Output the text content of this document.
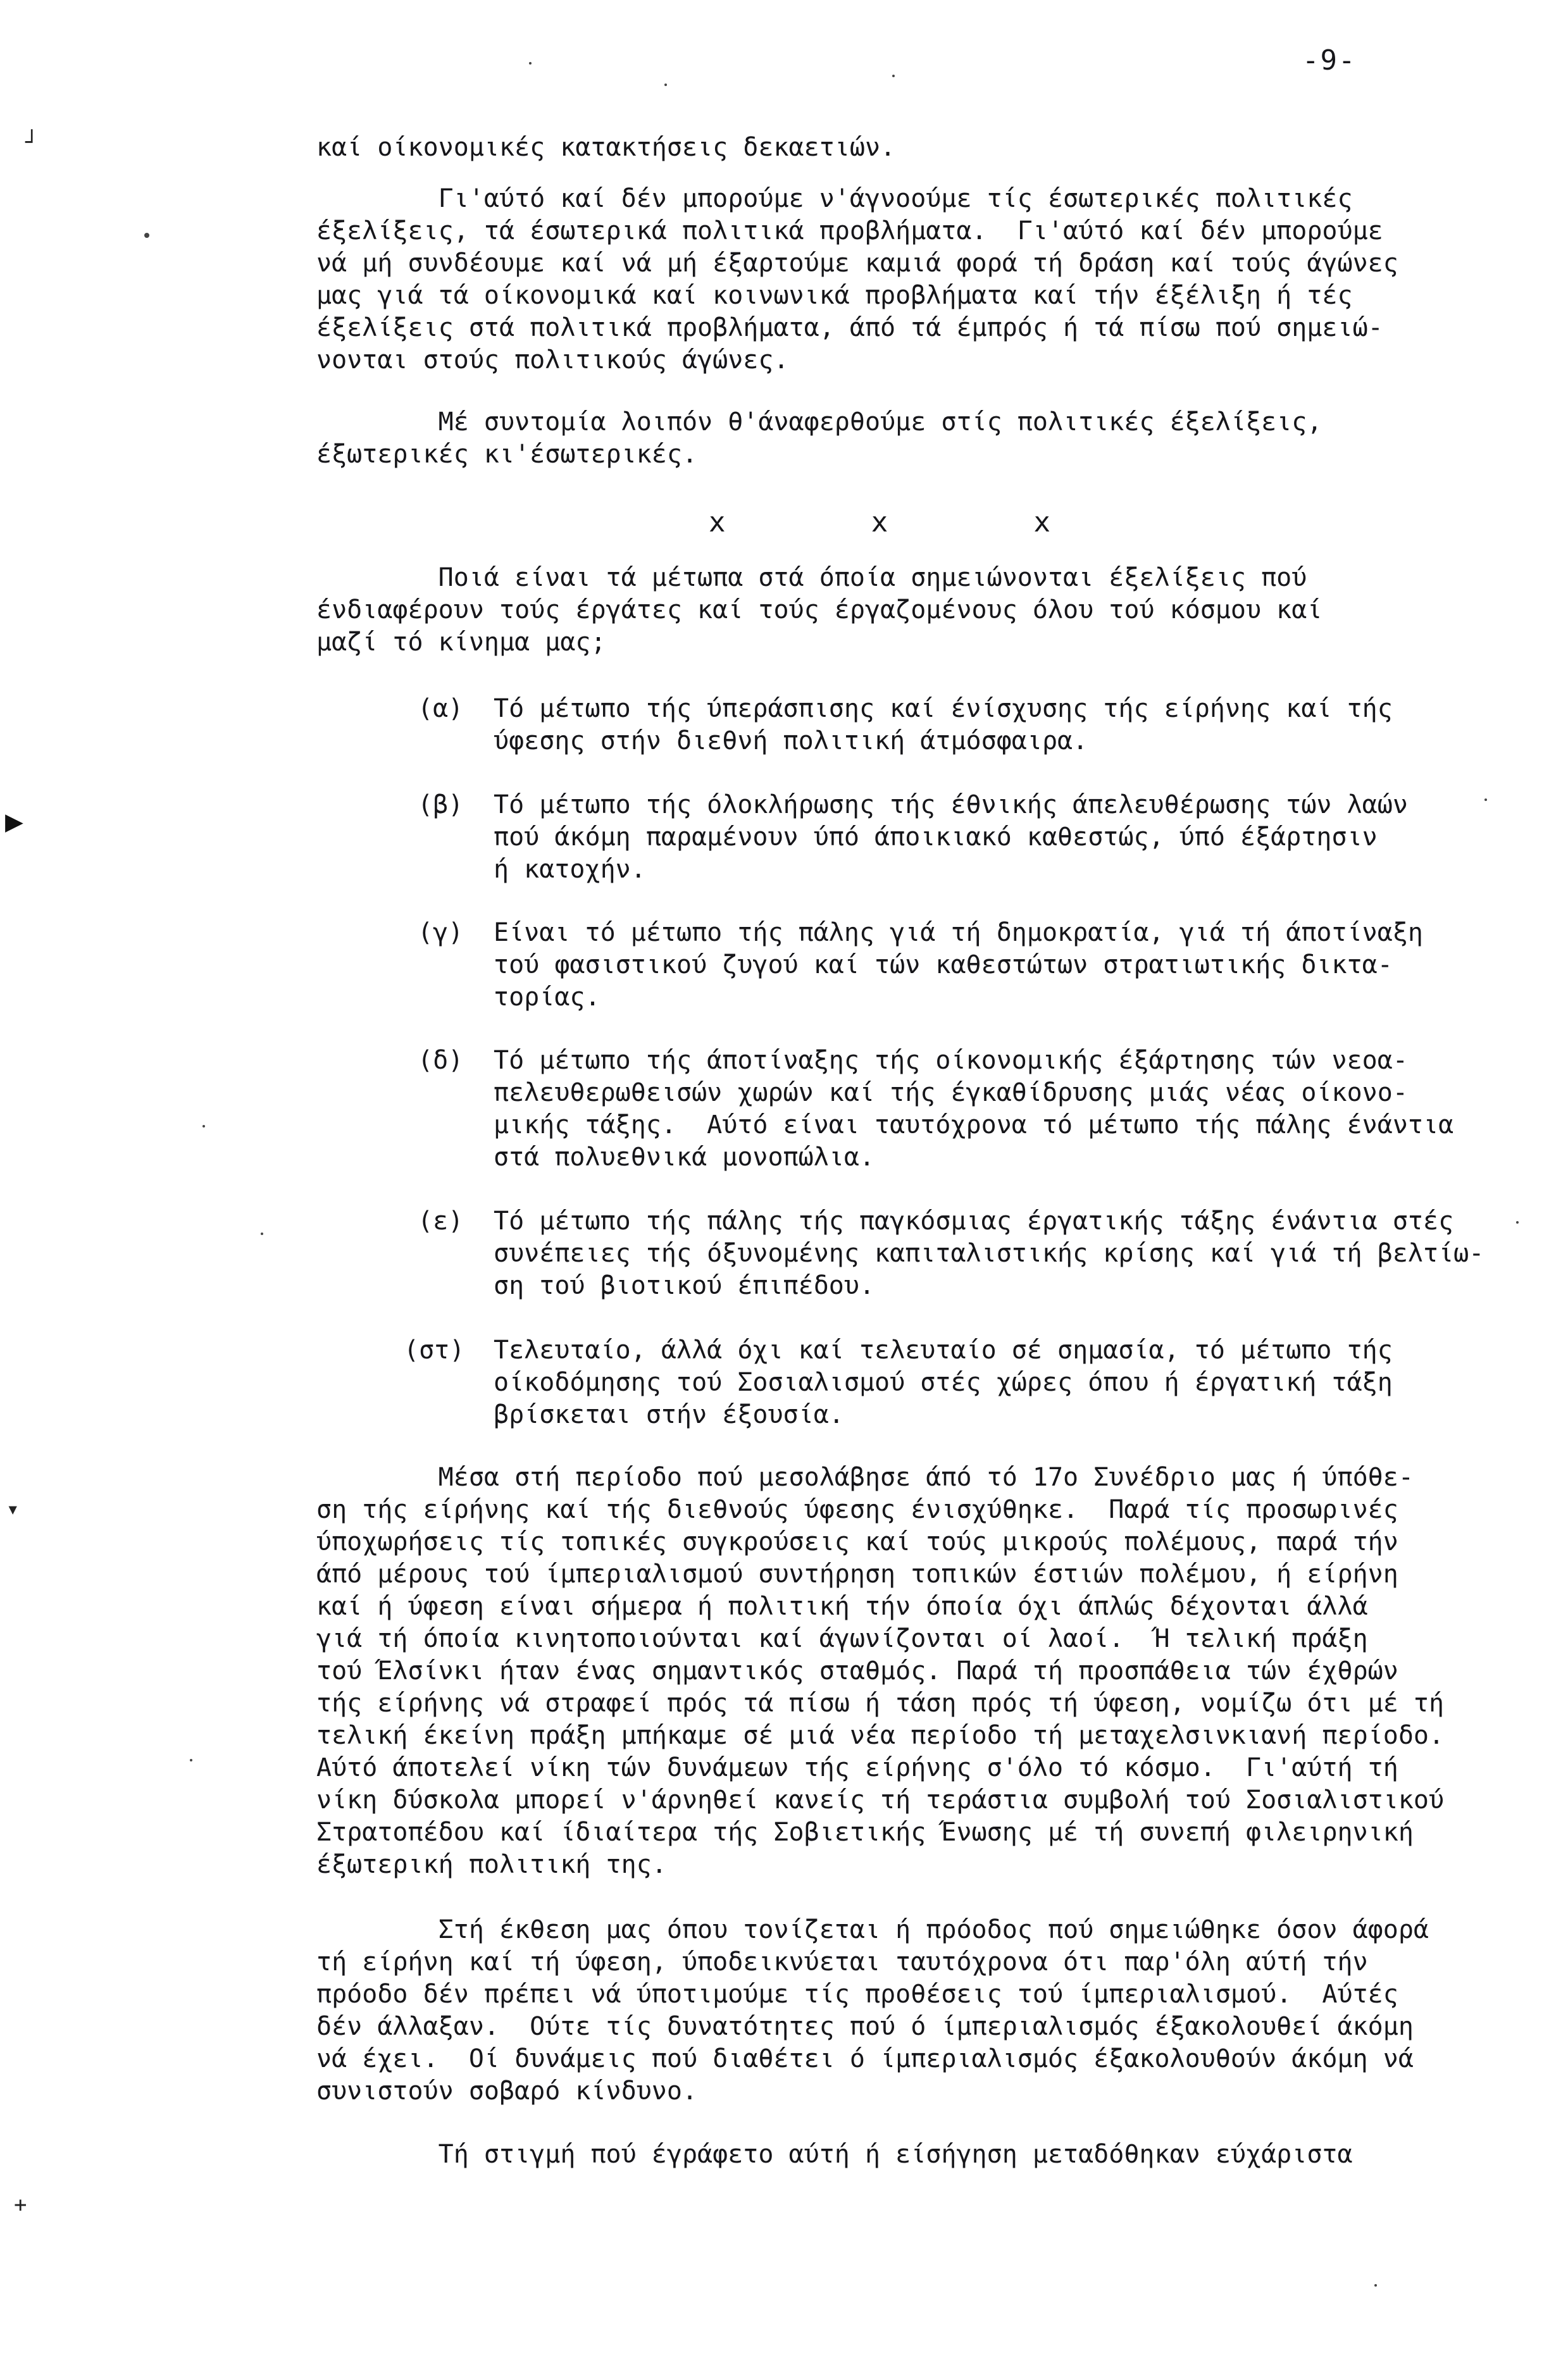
-9-

καί οίκονομικές κατακτήσεις δεκαετιών.

Γι'αύτό καί δέν μπορούμε ν'άγνοούμε τίς έσωτερικές πολιτικές
έξελίξεις, τά έσωτερικά πολιτικά προβλήματα.  Γι'αύτό καί δέν μπορούμε
νά μή συνδέουμε καί νά μή έξαρτούμε καμιά φορά τή δράση καί τούς άγώνες
μας γιά τά οίκονομικά καί κοινωνικά προβλήματα καί τήν έξέλιξη ή τές
έξελίξεις στά πολιτικά προβλήματα, άπό τά έμπρός ή τά πίσω πού σημειώ-
νονται στούς πολιτικούς άγώνες.

Μέ συντομία λοιπόν θ'άναφερθούμε στίς πολιτικές έξελίξεις,
έξωτερικές κι'έσωτερικές.

x	x	x

Ποιά είναι τά μέτωπα στά όποία σημειώνονται έξελίξεις πού
ένδιαφέρουν τούς έργάτες καί τούς έργαζομένους όλου τού κόσμου καί
μαζί τό κίνημα μας;

(α) Τό μέτωπο τής ύπεράσπισης καί ένίσχυσης τής είρήνης καί τής
ύφεσης στήν διεθνή πολιτική άτμόσφαιρα.

(β) Τό μέτωπο τής όλοκλήρωσης τής έθνικής άπελευθέρωσης τών λαών
πού άκόμη παραμένουν ύπό άποικιακό καθεστώς, ύπό έξάρτησιν
ή κατοχήν.

(γ) Είναι τό μέτωπο τής πάλης γιά τή δημοκρατία, γιά τή άποτίναξη
τού φασιστικού ζυγού καί τών καθεστώτων στρατιωτικής δικτα-
τορίας.

(δ) Τό μέτωπο τής άποτίναξης τής οίκονομικής έξάρτησης τών νεοα-
πελευθερωθεισών χωρών καί τής έγκαθίδρυσης μιάς νέας οίκονο-
μικής τάξης.  Αύτό είναι ταυτόχρονα τό μέτωπο τής πάλης ένάντια
στά πολυεθνικά μονοπώλια.

(ε) Τό μέτωπο τής πάλης τής παγκόσμιας έργατικής τάξης ένάντια στές
συνέπειες τής όξυνομένης καπιταλιστικής κρίσης καί γιά τή βελτίω-
ση τού βιοτικού έπιπέδου.

(στ) Τελευταίο, άλλά όχι καί τελευταίο σέ σημασία, τό μέτωπο τής
οίκοδόμησης τού Σοσιαλισμού στές χώρες όπου ή έργατική τάξη
βρίσκεται στήν έξουσία.

Μέσα στή περίοδο πού μεσολάβησε άπό τό 17ο Συνέδριο μας ή ύπόθε-
ση τής είρήνης καί τής διεθνούς ύφεσης ένισχύθηκε.  Παρά τίς προσωρινές
ύποχωρήσεις τίς τοπικές συγκρούσεις καί τούς μικρούς πολέμους, παρά τήν
άπό μέρους τού ίμπεριαλισμού συντήρηση τοπικών έστιών πολέμου, ή είρήνη
καί ή ύφεση είναι σήμερα ή πολιτική τήν όποία όχι άπλώς δέχονται άλλά
γιά τή όποία κινητοποιούνται καί άγωνίζονται οί λαοί.  Ή τελική πράξη
τού Έλσίνκι ήταν ένας σημαντικός σταθμός. Παρά τή προσπάθεια τών έχθρών
τής είρήνης νά στραφεί πρός τά πίσω ή τάση πρός τή ύφεση, νομίζω ότι μέ τή
τελική έκείνη πράξη μπήκαμε σέ μιά νέα περίοδο τή μεταχελσινκιανή περίοδο.
Αύτό άποτελεί νίκη τών δυνάμεων τής είρήνης σ'όλο τό κόσμο.  Γι'αύτή τή
νίκη δύσκολα μπορεί ν'άρνηθεί κανείς τή τεράστια συμβολή τού Σοσιαλιστικού
Στρατοπέδου καί ίδιαίτερα τής Σοβιετικής Ένωσης μέ τή συνεπή φιλειρηνική
έξωτερική πολιτική της.

Στή έκθεση μας όπου τονίζεται ή πρόοδος πού σημειώθηκε όσον άφορά
τή είρήνη καί τή ύφεση, ύποδεικνύεται ταυτόχρονα ότι παρ'όλη αύτή τήν
πρόοδο δέν πρέπει νά ύποτιμούμε τίς προθέσεις τού ίμπεριαλισμού.  Αύτές
δέν άλλαξαν.  Ούτε τίς δυνατότητες πού ό ίμπεριαλισμός έξακολουθεί άκόμη
νά έχει.  Οί δυνάμεις πού διαθέτει ό ίμπεριαλισμός έξακολουθούν άκόμη νά
συνιστούν σοβαρό κίνδυνο.

Τή στιγμή πού έγράφετο αύτή ή είσήγηση μεταδόθηκαν εύχάριστα

┘
▶
▾
+
